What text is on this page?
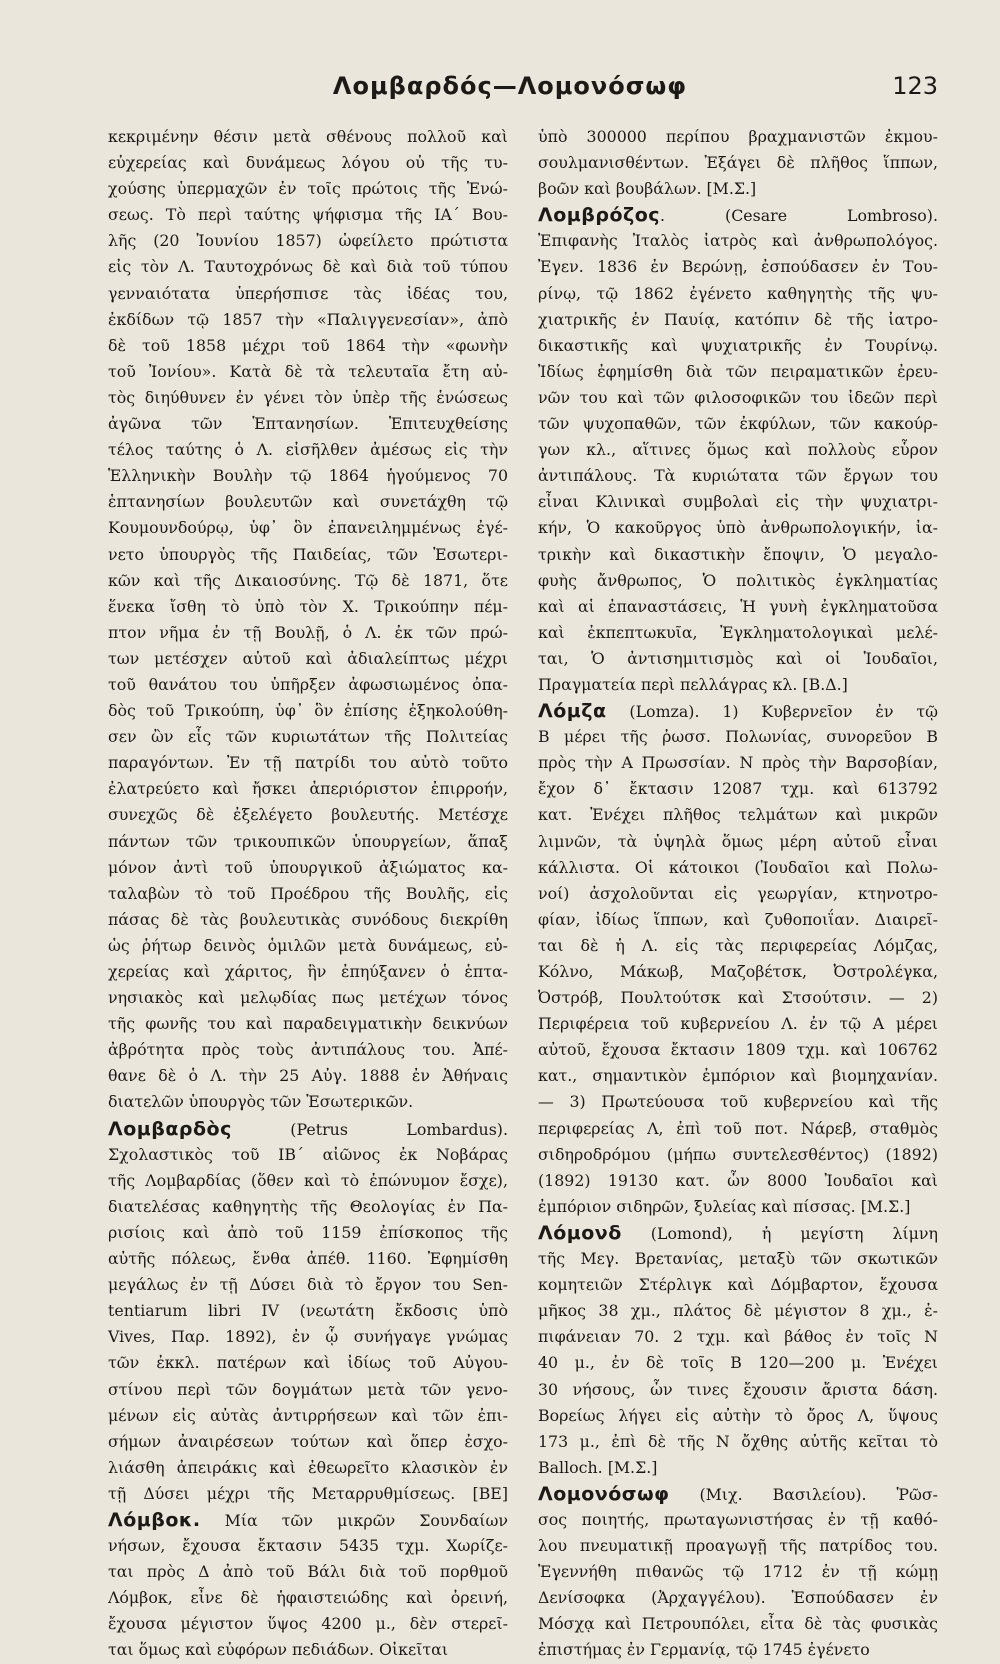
Λομβαρδός—Λομονόσωφ	123
κεκριμένην θέσιν μετὰ σθένους πολλοῦ καὶ
εὐχερείας καὶ δυνάμεως λόγου οὐ τῆς τυ-
χούσης ὑπερμαχῶν ἐν τοῖς πρώτοις τῆς Ἑνώ-
σεως. Τὸ περὶ ταύτης ψήφισμα τῆς ΙΑ΄ Βου-
λῆς (20 Ἰουνίου 1857) ὠφείλετο πρώτιστα
εἰς τὸν Λ. Ταυτοχρόνως δὲ καὶ διὰ τοῦ τύπου
γενναιότατα ὑπερήσπισε τὰς ἰδέας του,
ἐκδίδων τῷ 1857 τὴν «Παλιγγενεσίαν», ἀπὸ
δὲ τοῦ 1858 μέχρι τοῦ 1864 τὴν «φωνὴν
τοῦ Ἰονίου». Κατὰ δὲ τὰ τελευταῖα ἔτη αὐ-
τὸς διηύθυνεν ἐν γένει τὸν ὑπὲρ τῆς ἑνώσεως
ἀγῶνα τῶν Ἑπτανησίων. Ἐπιτευχθείσης
τέλος ταύτης ὁ Λ. εἰσῆλθεν ἀμέσως εἰς τὴν
Ἑλληνικὴν Βουλὴν τῷ 1864 ἡγούμενος 70
ἑπτανησίων βουλευτῶν καὶ συνετάχθη τῷ
Κουμουνδούρῳ, ὑφ᾽ ὃν ἐπανειλημμένως ἐγέ-
νετο ὑπουργὸς τῆς Παιδείας, τῶν Ἐσωτερι-
κῶν καὶ τῆς Δικαιοσύνης. Τῷ δὲ 1871, ὅτε
ἕνεκα ἴσθη τὸ ὑπὸ τὸν Χ. Τρικούπην πέμ-
πτον νῆμα ἐν τῇ Βουλῇ, ὁ Λ. ἐκ τῶν πρώ-
των μετέσχεν αὐτοῦ καὶ ἀδιαλείπτως μέχρι
τοῦ θανάτου του ὑπῆρξεν ἀφωσιωμένος ὀπα-
δὸς τοῦ Τρικούπη, ὑφ᾽ ὃν ἐπίσης ἐξηκολούθη-
σεν ὢν εἷς τῶν κυριωτάτων τῆς Πολιτείας
παραγόντων. Ἐν τῇ πατρίδι του αὐτὸ τοῦτο
ἐλατρεύετο καὶ ἤσκει ἀπεριόριστον ἐπιρροήν,
συνεχῶς δὲ ἐξελέγετο βουλευτής. Μετέσχε
πάντων τῶν τρικουπικῶν ὑπουργείων, ἅπαξ
μόνον ἀντὶ τοῦ ὑπουργικοῦ ἀξιώματος κα-
ταλαβὼν τὸ τοῦ Προέδρου τῆς Βουλῆς, εἰς
πάσας δὲ τὰς βουλευτικὰς συνόδους διεκρίθη
ὡς ῥήτωρ δεινὸς ὁμιλῶν μετὰ δυνάμεως, εὐ-
χερείας καὶ χάριτος, ἣν ἐπηύξανεν ὁ ἑπτα-
νησιακὸς καὶ μελῳδίας πως μετέχων τόνος
τῆς φωνῆς του καὶ παραδειγματικὴν δεικνύων
ἀβρότητα πρὸς τοὺς ἀντιπάλους του. Ἀπέ-
θανε δὲ ὁ Λ. τὴν 25 Αὐγ. 1888 ἐν Ἀθήναις
διατελῶν ὑπουργὸς τῶν Ἐσωτερικῶν.
Λομβαρδὸς (Petrus Lombardus).
Σχολαστικὸς τοῦ ΙΒ΄ αἰῶνος ἐκ Νοβάρας
τῆς Λομβαρδίας (ὅθεν καὶ τὸ ἐπώνυμον ἔσχε),
διατελέσας καθηγητὴς τῆς Θεολογίας ἐν Πα-
ρισίοις καὶ ἀπὸ τοῦ 1159 ἐπίσκοπος τῆς
αὐτῆς πόλεως, ἔνθα ἀπέθ. 1160. Ἐφημίσθη
μεγάλως ἐν τῇ Δύσει διὰ τὸ ἔργον του Sen-
tentiarum libri IV (νεωτάτη ἔκδοσις ὑπὸ
Vives, Παρ. 1892), ἐν ᾧ συνήγαγε γνώμας
τῶν ἐκκλ. πατέρων καὶ ἰδίως τοῦ Αὐγου-
στίνου περὶ τῶν δογμάτων μετὰ τῶν γενο-
μένων εἰς αὐτὰς ἀντιρρήσεων καὶ τῶν ἐπι-
σήμων ἀναιρέσεων τούτων καὶ ὅπερ ἐσχο-
λιάσθη ἀπειράκις καὶ ἐθεωρεῖτο κλασικὸν ἐν
τῇ Δύσει μέχρι τῆς Μεταρρυθμίσεως. [ΒΕ]
Λόμβοκ. Μία τῶν μικρῶν Σουνδαίων
νήσων, ἔχουσα ἔκτασιν 5435 τχμ. Χωρίζε-
ται πρὸς Δ ἀπὸ τοῦ Βάλι διὰ τοῦ πορθμοῦ
Λόμβοκ, εἶνε δὲ ἡφαιστειώδης καὶ ὀρεινή,
ἔχουσα μέγιστον ὕψος 4200 μ., δὲν στερεῖ-
ται ὅμως καὶ εὐφόρων πεδιάδων. Οἰκεῖται
ὑπὸ 300000 περίπου βραχμανιστῶν ἐκμου-
σουλμανισθέντων. Ἐξάγει δὲ πλῆθος ἵππων,
βοῶν καὶ βουβάλων. [Μ.Σ.]
Λομβρόζος. (Cesare Lombroso).
Ἐπιφανὴς Ἰταλὸς ἰατρὸς καὶ ἀνθρωπολόγος.
Ἐγεν. 1836 ἐν Βερώνῃ, ἐσπούδασεν ἐν Του-
ρίνῳ, τῷ 1862 ἐγένετο καθηγητὴς τῆς ψυ-
χιατρικῆς ἐν Παυίᾳ, κατόπιν δὲ τῆς ἰατρο-
δικαστικῆς καὶ ψυχιατρικῆς ἐν Τουρίνῳ.
Ἰδίως ἐφημίσθη διὰ τῶν πειραματικῶν ἐρευ-
νῶν του καὶ τῶν φιλοσοφικῶν του ἰδεῶν περὶ
τῶν ψυχοπαθῶν, τῶν ἐκφύλων, τῶν κακούρ-
γων κλ., αἵτινες ὅμως καὶ πολλοὺς εὗρον
ἀντιπάλους. Τὰ κυριώτατα τῶν ἔργων του
εἶναι Κλινικαὶ συμβολαὶ εἰς τὴν ψυχιατρι-
κήν, Ὁ κακοῦργος ὑπὸ ἀνθρωπολογικήν, ἰα-
τρικὴν καὶ δικαστικὴν ἔποψιν, Ὁ μεγαλο-
φυὴς ἄνθρωπος, Ὁ πολιτικὸς ἐγκληματίας
καὶ αἱ ἐπαναστάσεις, Ἡ γυνὴ ἐγκληματοῦσα
καὶ ἐκπεπτωκυῖα, Ἐγκληματολογικαὶ μελέ-
ται, Ὁ ἀντισημιτισμὸς καὶ οἱ Ἰουδαῖοι,
Πραγματεία περὶ πελλάγρας κλ. [Β.Δ.]
Λόμζα (Lomza). 1) Κυβερνεῖον ἐν τῷ
Β μέρει τῆς ῥωσσ. Πολωνίας, συνορεῦον Β
πρὸς τὴν Α Πρωσσίαν. Ν πρὸς τὴν Βαρσοβίαν,
ἔχον δ᾽ ἔκτασιν 12087 τχμ. καὶ 613792
κατ. Ἐνέχει πλῆθος τελμάτων καὶ μικρῶν
λιμνῶν, τὰ ὑψηλὰ ὅμως μέρη αὐτοῦ εἶναι
κάλλιστα. Οἱ κάτοικοι (Ἰουδαῖοι καὶ Πολω-
νοί) ἀσχολοῦνται εἰς γεωργίαν, κτηνοτρο-
φίαν, ἰδίως ἵππων, καὶ ζυθοποιΐαν. Διαιρεῖ-
ται δὲ ἡ Λ. εἰς τὰς περιφερείας Λόμζας,
Κόλνο, Μάκωβ, Μαζοβέτσκ, Ὀστρολέγκα,
Ὀστρόβ, Πουλτούτσκ καὶ Στσούτσιν. — 2)
Περιφέρεια τοῦ κυβερνείου Λ. ἐν τῷ Α μέρει
αὐτοῦ, ἔχουσα ἔκτασιν 1809 τχμ. καὶ 106762
κατ., σημαντικὸν ἐμπόριον καὶ βιομηχανίαν.
— 3) Πρωτεύουσα τοῦ κυβερνείου καὶ τῆς
περιφερείας Λ, ἐπὶ τοῦ ποτ. Νάρεβ, σταθμὸς
σιδηροδρόμου (μήπω συντελεσθέντος) (1892)
(1892) 19130 κατ. ὧν 8000 Ἰουδαῖοι καὶ
ἐμπόριον σιδηρῶν, ξυλείας καὶ πίσσας. [Μ.Σ.]
Λόμονδ (Lomond), ἡ μεγίστη λίμνη
τῆς Μεγ. Βρετανίας, μεταξὺ τῶν σκωτικῶν
κομητειῶν Στέρλιγκ καὶ Δόμβαρτον, ἔχουσα
μῆκος 38 χμ., πλάτος δὲ μέγιστον 8 χμ., ἐ-
πιφάνειαν 70. 2 τχμ. καὶ βάθος ἐν τοῖς Ν
40 μ., ἐν δὲ τοῖς Β 120—200 μ. Ἐνέχει
30 νήσους, ὧν τινες ἔχουσιν ἄριστα δάση.
Βορείως λήγει εἰς αὐτὴν τὸ ὄρος Λ, ὕψους
173 μ., ἐπὶ δὲ τῆς Ν ὄχθης αὐτῆς κεῖται τὸ
Balloch. [Μ.Σ.]
Λομονόσωφ (Μιχ. Βασιλείου). Ῥῶσ-
σος ποιητής, πρωταγωνιστήσας ἐν τῇ καθό-
λου πνευματικῇ προαγωγῇ τῆς πατρίδος του.
Ἐγεννήθη πιθανῶς τῷ 1712 ἐν τῇ κώμῃ
Δενίσοφκα (Ἀρχαγγέλου). Ἐσπούδασεν ἐν
Μόσχᾳ καὶ Πετρουπόλει, εἶτα δὲ τὰς φυσικὰς
ἐπιστήμας ἐν Γερμανίᾳ, τῷ 1745 ἐγένετο
